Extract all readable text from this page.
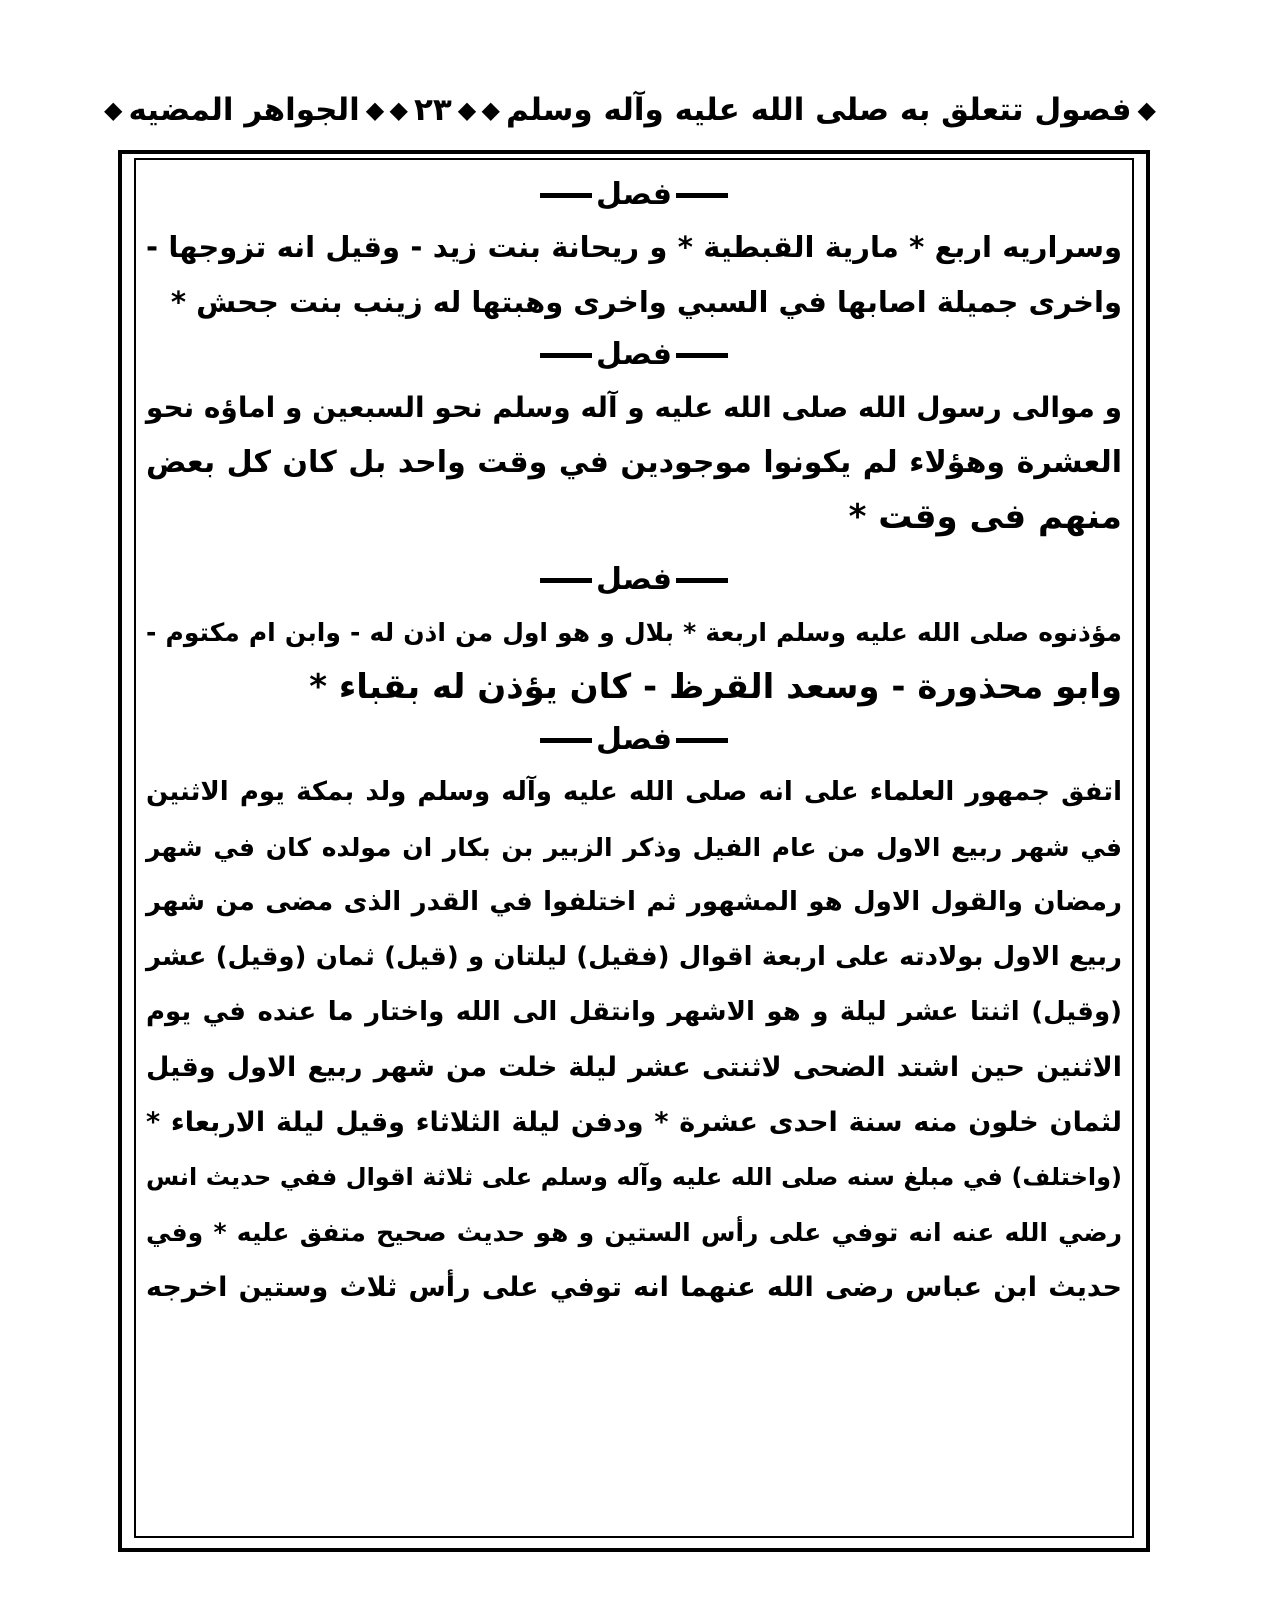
◆
فصول تتعلق به صلى الله عليه وآله وسلم
◆
◆
٢٣
◆
◆
الجواهر المضيه
◆
فصل
وسراريه اربع * مارية القبطية * و ريحانة بنت زيد - وقيل انه تزوجها -
واخرى جميلة اصابها في السبي واخرى وهبتها له زينب بنت جحش *
فصل
و موالى رسول الله صلى الله عليه و آله وسلم نحو السبعين و اماؤه نحو
العشرة وهؤلاء لم يكونوا موجودين في وقت واحد بل كان كل بعض
منهم فى وقت *
فصل
مؤذنوه صلى الله عليه وسلم اربعة * بلال و هو اول من اذن له - وابن ام مكتوم -
وابو محذورة - وسعد القرظ - كان يؤذن له بقباء *
فصل
اتفق جمهور العلماء على انه صلى الله عليه وآله وسلم ولد بمكة يوم الاثنين
في شهر ربيع الاول من عام الفيل وذكر الزبير بن بكار ان مولده كان في شهر
رمضان والقول الاول هو المشهور ثم اختلفوا في القدر الذى مضى من شهر
ربيع الاول بولادته على اربعة اقوال (فقيل) ليلتان و (قيل) ثمان (وقيل) عشر
(وقيل) اثنتا عشر ليلة و هو الاشهر وانتقل الى الله واختار ما عنده في يوم
الاثنين حين اشتد الضحى لاثنتى عشر ليلة خلت من شهر ربيع الاول وقيل
لثمان خلون منه سنة احدى عشرة * ودفن ليلة الثلاثاء وقيل ليلة الاربعاء *
(واختلف) في مبلغ سنه صلى الله عليه وآله وسلم على ثلاثة اقوال ففي حديث انس
رضي الله عنه انه توفي على رأس الستين و هو حديث صحيح متفق عليه * وفي
حديث ابن عباس رضى الله عنهما انه توفي على رأس ثلاث وستين اخرجه
